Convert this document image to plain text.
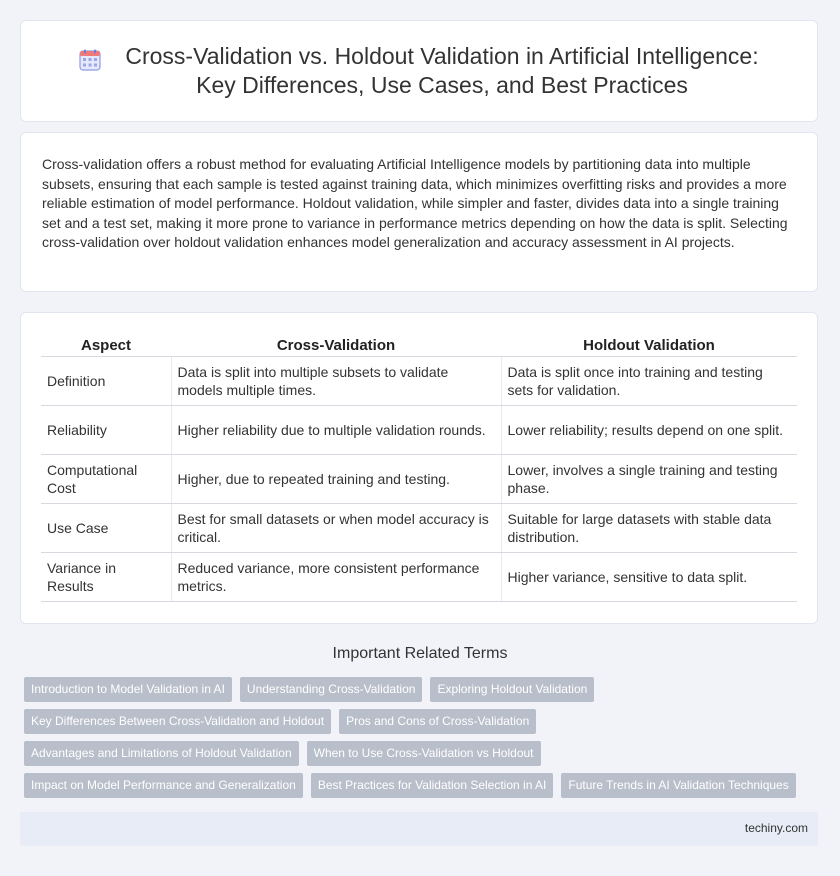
Cross-Validation vs. Holdout Validation in Artificial Intelligence:
Key Differences, Use Cases, and Best Practices

Cross-validation offers a robust method for evaluating Artificial Intelligence models by partitioning data into multiple subsets, ensuring that each sample is tested against training data, which minimizes overfitting risks and provides a more reliable estimation of model performance. Holdout validation, while simpler and faster, divides data into a single training set and a test set, making it more prone to variance in performance metrics depending on how the data is split. Selecting cross-validation over holdout validation enhances model generalization and accuracy assessment in AI projects.

Aspect	Cross-Validation	Holdout Validation
Definition	Data is split into multiple subsets to validate models multiple times.	Data is split once into training and testing sets for validation.
Reliability	Higher reliability due to multiple validation rounds.	Lower reliability; results depend on one split.
Computational Cost	Higher, due to repeated training and testing.	Lower, involves a single training and testing phase.
Use Case	Best for small datasets or when model accuracy is critical.	Suitable for large datasets with stable data distribution.
Variance in Results	Reduced variance, more consistent performance metrics.	Higher variance, sensitive to data split.
Important Related Terms
Introduction to Model Validation in AI	Understanding Cross-Validation	Exploring Holdout Validation
Key Differences Between Cross-Validation and Holdout	Pros and Cons of Cross-Validation
Advantages and Limitations of Holdout Validation	When to Use Cross-Validation vs Holdout
Impact on Model Performance and Generalization	Best Practices for Validation Selection in AI	Future Trends in AI Validation Techniques
techiny.com
